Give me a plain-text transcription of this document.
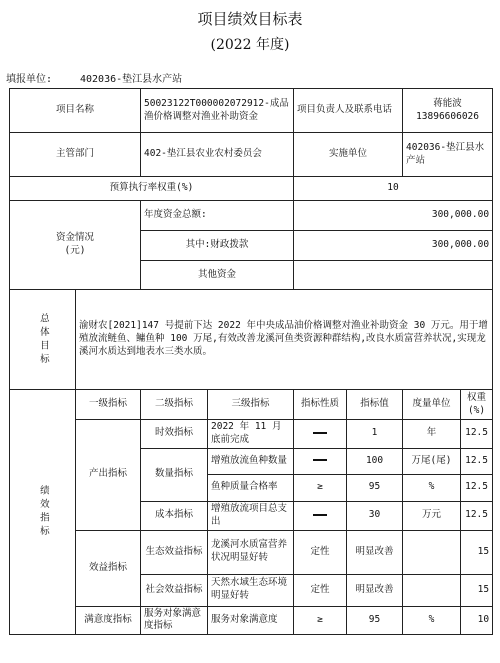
项目绩效目标表
(2022 年度)
填报单位:	402036-垫江县水产站
项目名称		50023122T000002072912-成品渔价格调整对渔业补助资金		项目负责人及联系电话		蒋能波
13896606026	

主管部门		402-垫江县农业农村委员会		实施单位		402036-垫江县水产站	
预算执行率权重(%)				10			

资金情况
(元)		年度资金总额:		300,000.00			
		其中:财政拨款		300,000.00			
		其他资金					

总体目标	渝财农[2021]147 号提前下达 2022 年中央成品油价格调整对渔业补助资金 30 万元。用于增殖放流鲢鱼、鳙鱼种 100 万尾,有效改善龙溪河鱼类资源种群结构,改良水质富营养状况,实现龙溪河水质达到地表水三类水质。						

绩效指标	一级指标	二级指标	三级指标	指标性质	指标值	度量单位	权重(%)
	产出指标	时效指标	2022 年 11 月底前完成		1	年	12.5
		数量指标	增殖放流鱼种数量		100	万尾(尾)	12.5
			鱼种质量合格率	≥	95	%	12.5
		成本指标	增殖放流项目总支出		30	万元	12.5
	效益指标	生态效益指标	龙溪河水质富营养状况明显好转	定性	明显改善		15
		社会效益指标	天然水域生态环境明显好转	定性	明显改善		15
	满意度指标	服务对象满意度指标	服务对象满意度	≥	95	%	10
